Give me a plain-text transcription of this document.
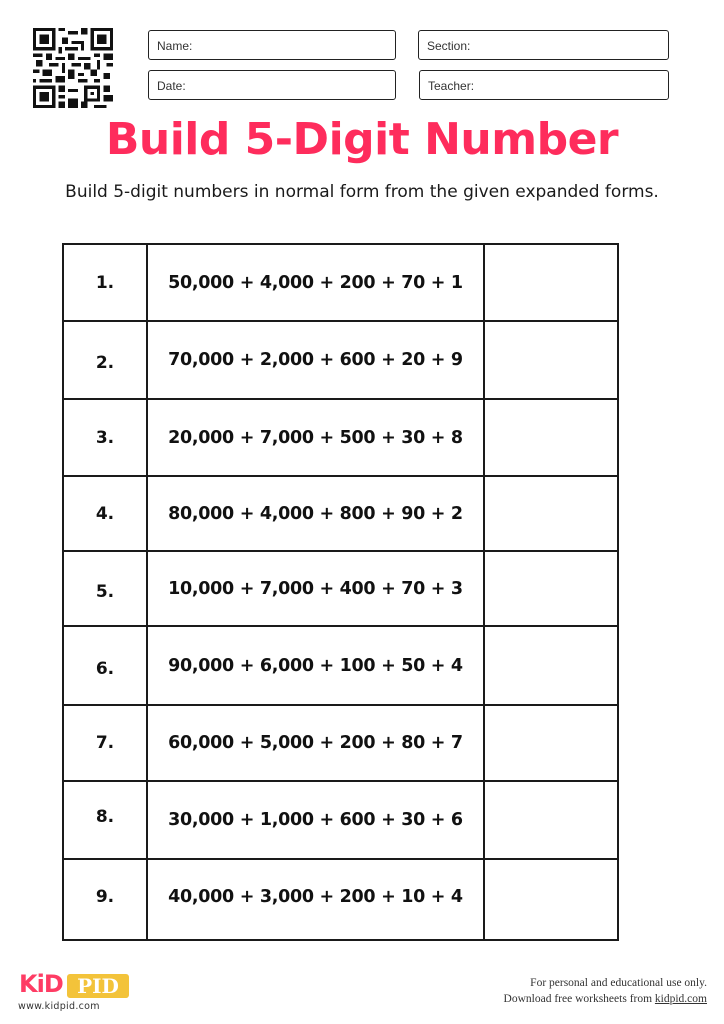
Name:	Section:
Date:	Teacher:
Build 5-Digit Number

Build 5-digit numbers in normal form from the given expanded forms.

1.	50,000 + 4,000 + 200 + 70 + 1
2.	70,000 + 2,000 + 600 + 20 + 9
3.	20,000 + 7,000 + 500 + 30 + 8
4.	80,000 + 4,000 + 800 + 90 + 2
5.	10,000 + 7,000 + 400 + 70 + 3
6.	90,000 + 6,000 + 100 + 50 + 4
7.	60,000 + 5,000 + 200 + 80 + 7
8.	30,000 + 1,000 + 600 + 30 + 6
9.	40,000 + 3,000 + 200 + 10 + 4
KiD PID
www.kidpid.com
For personal and educational use only.
Download free worksheets from kidpid.com
